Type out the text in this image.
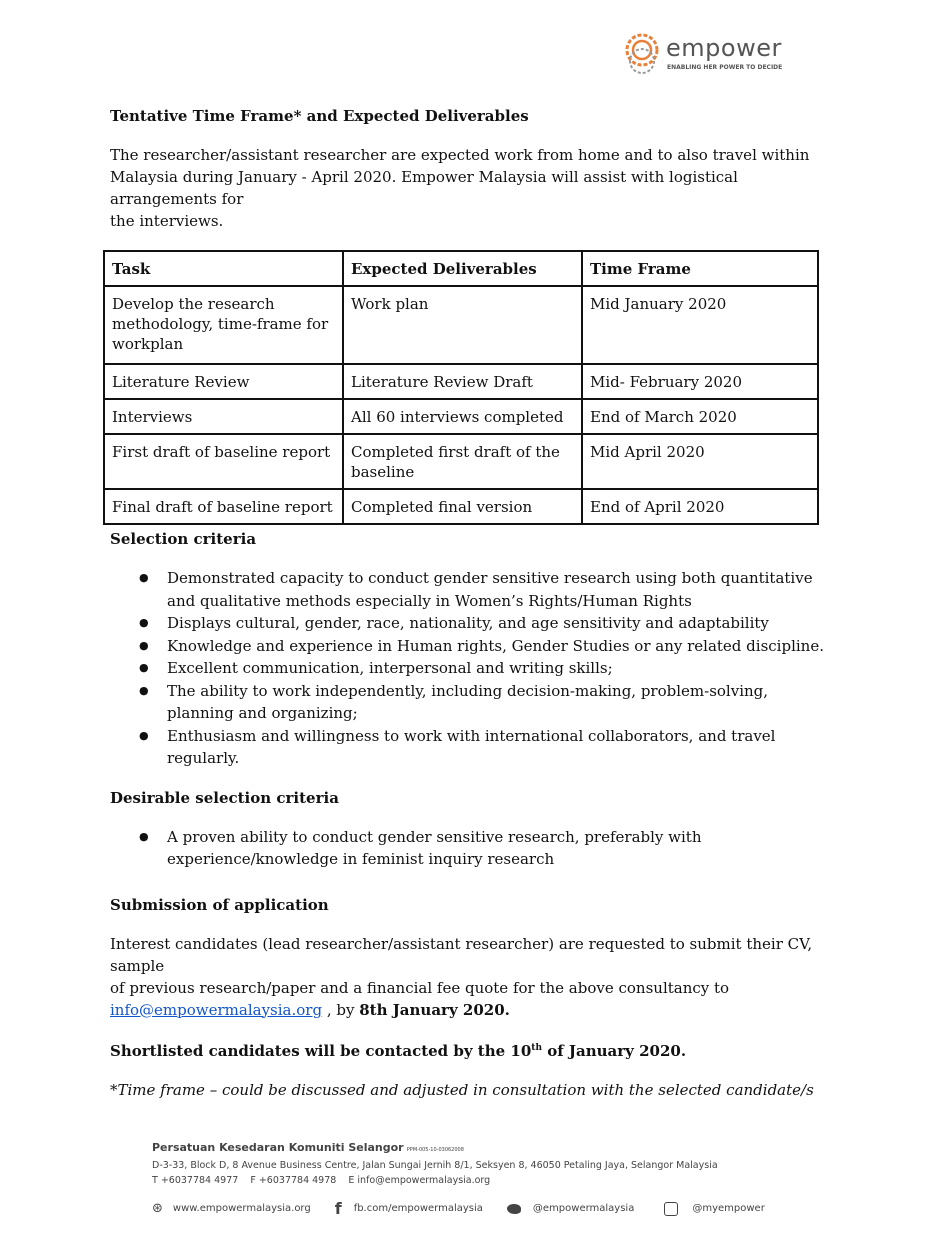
empower
ENABLING HER POWER TO DECIDE
Tentative Time Frame* and Expected Deliverables

The researcher/assistant researcher are expected work from home and to also travel within

Malaysia during January - April 2020. Empower Malaysia will assist with logistical arrangements for

the interviews.

Task	Expected Deliverables	Time Frame
Develop the research methodology, time-frame for workplan	Work plan	Mid January 2020
Literature Review	Literature Review Draft	Mid- February 2020
Interviews	All 60 interviews completed	End of March 2020
First draft of baseline report	Completed first draft of the baseline	Mid April 2020
Final draft of baseline report	Completed final version	End of April 2020
Selection criteria
● Demonstrated capacity to conduct gender sensitive research using both quantitative and qualitative methods especially in Women’s Rights/Human Rights
● Displays cultural, gender, race, nationality, and age sensitivity and adaptability
● Knowledge and experience in Human rights, Gender Studies or any related discipline.
● Excellent communication, interpersonal and writing skills;
● The ability to work independently, including decision-making, problem-solving, planning and organizing;
● Enthusiasm and willingness to work with international collaborators, and travel regularly.
Desirable selection criteria
● A proven ability to conduct gender sensitive research, preferably with experience/knowledge in feminist inquiry research
Submission of application

Interest candidates (lead researcher/assistant researcher) are requested to submit their CV, sample

of previous research/paper and a financial fee quote for the above consultancy to

info@empowermalaysia.org , by 8th January 2020.

Shortlisted candidates will be contacted by the 10th of January 2020.

*Time frame – could be discussed and adjusted in consultation with the selected candidate/s

Persatuan Kesedaran Komuniti Selangor PPM-005-10-03062008
D-3-33, Block D, 8 Avenue Business Centre, Jalan Sungai Jernih 8/1, Seksyen 8, 46050 Petaling Jaya, Selangor Malaysia
T +6037784 4977    F +6037784 4978    E info@empowermalaysia.org
⊛ www.empowermalaysia.org f fb.com/empowermalaysia	@empowermalaysia	@myempower
